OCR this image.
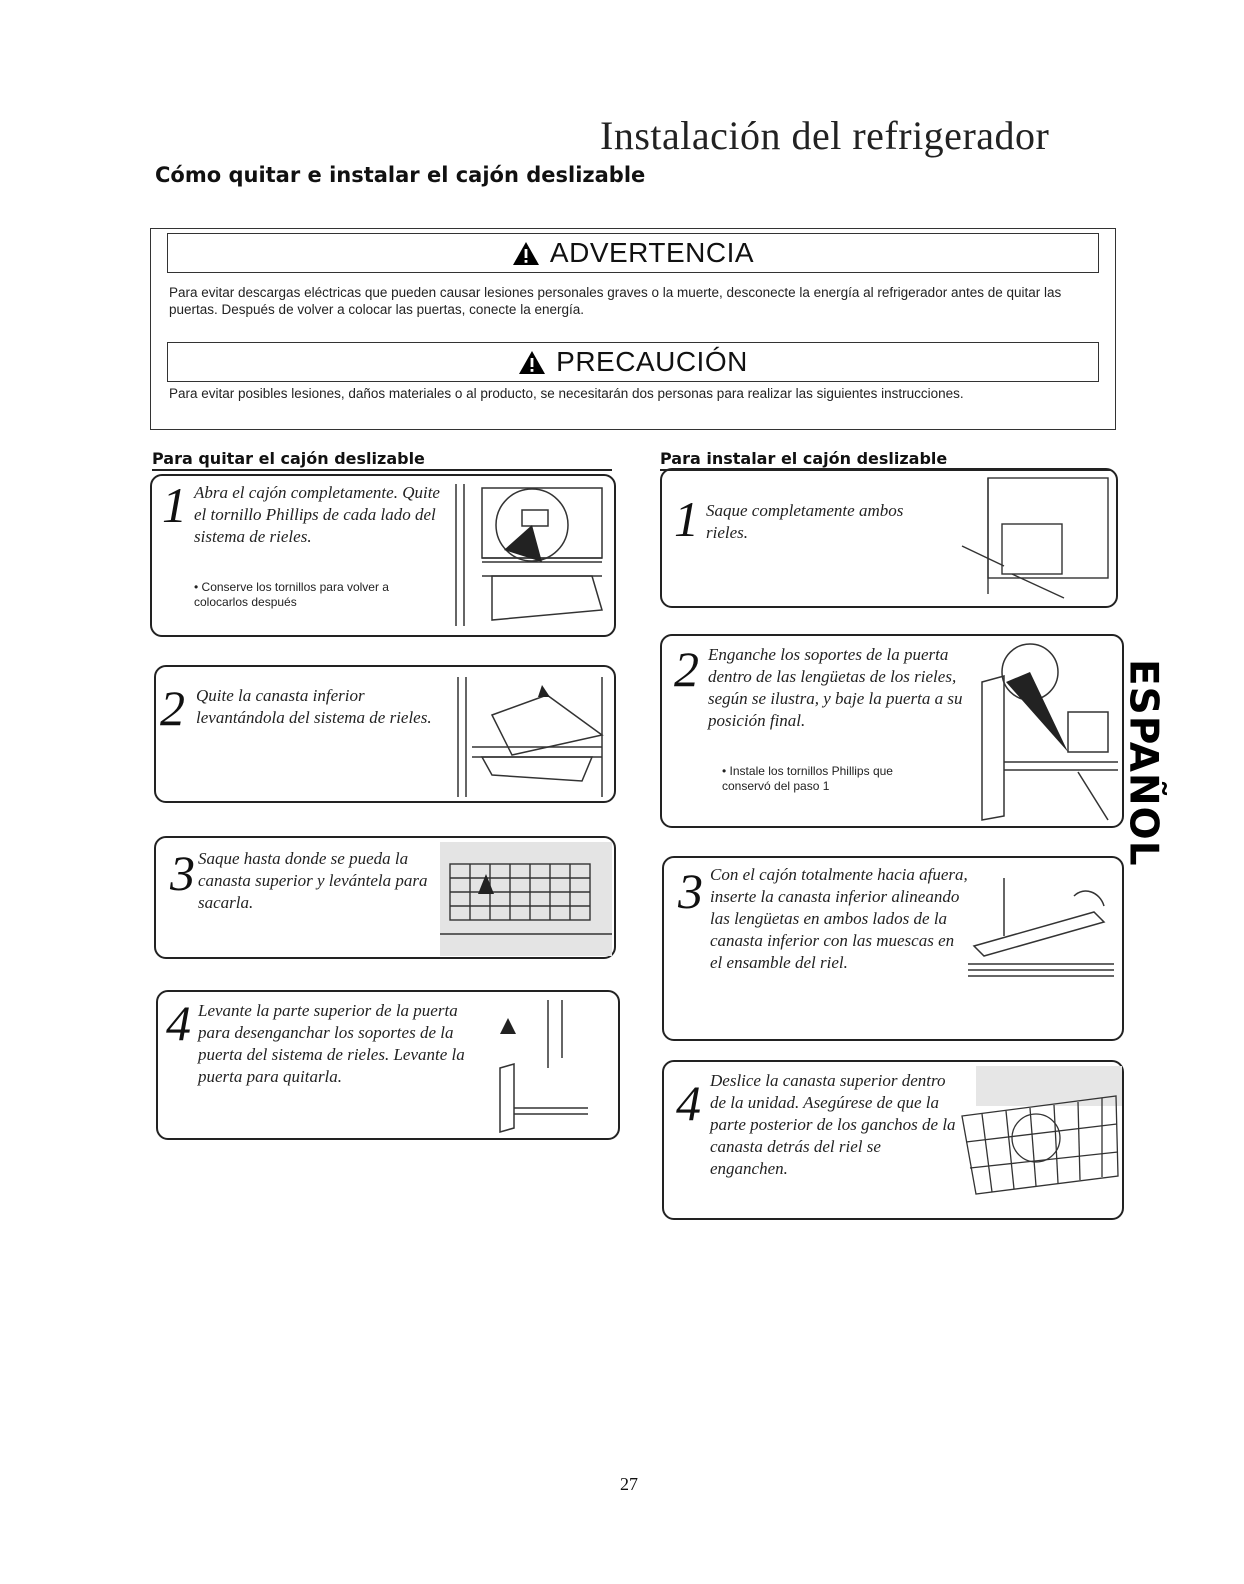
Instalación del refrigerador
Cómo quitar e instalar el cajón deslizable
ADVERTENCIA
Para evitar descargas eléctricas que pueden causar lesiones personales graves o la muerte, desconecte la energía al refrigerador antes de quitar las puertas. Después de volver a colocar las puertas, conecte la energía.
PRECAUCIÓN
Para evitar posibles lesiones, daños materiales o al producto, se necesitarán dos personas para realizar las siguientes instrucciones.
Para quitar el cajón deslizable	Para instalar el cajón deslizable
1 Abra el cajón completamente. Quite el tornillo Phillips de cada lado del sistema de rieles.
• Conserve los tornillos para volver a colocarlos después
2 Quite la canasta inferior levantándola del sistema de rieles.
3 Saque hasta donde se pueda la canasta superior y levántela para sacarla.
4 Levante la parte superior de la puerta para desenganchar los soportes de la puerta del sistema de rieles. Levante la puerta para quitarla.
1 Saque completamente ambos rieles.
2 Enganche los soportes de la puerta dentro de las lengüetas de los rieles, según se ilustra, y baje la puerta a su posición final.
• Instale los tornillos Phillips que conservó del paso 1
3 Con el cajón totalmente hacia afuera, inserte la canasta inferior alineando las lengüetas en ambos lados de la canasta inferior con las muescas en el ensamble del riel.
4 Deslice la canasta superior dentro de la unidad. Asegúrese de que la parte posterior de los ganchos de la canasta detrás del riel se enganchen.
ESPAÑOL
27
